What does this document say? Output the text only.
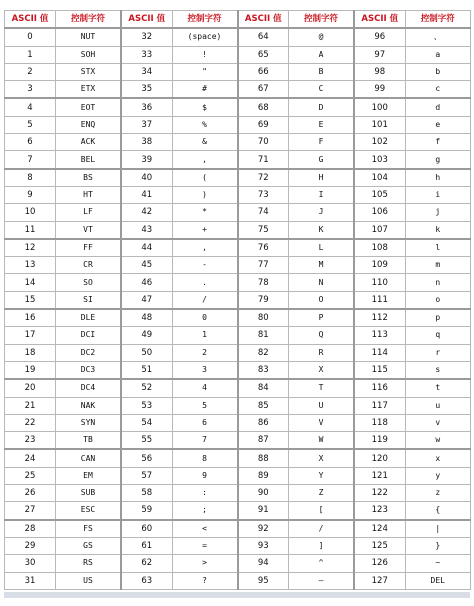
ASCII 值	控制字符	ASCII 值	控制字符	ASCII 值	控制字符	ASCII 值	控制字符
0	NUT	32	(space)	64	@	96	、
1	SOH	33	!	65	A	97	a
2	STX	34	"	66	B	98	b
3	ETX	35	#	67	C	99	c
4	EOT	36	$	68	D	100	d
5	ENQ	37	%	69	E	101	e
6	ACK	38	&	70	F	102	f
7	BEL	39	,	71	G	103	g
8	BS	40	(	72	H	104	h
9	HT	41	)	73	I	105	i
10	LF	42	*	74	J	106	j
11	VT	43	+	75	K	107	k
12	FF	44	,	76	L	108	l
13	CR	45	-	77	M	109	m
14	SO	46	.	78	N	110	n
15	SI	47	/	79	O	111	o
16	DLE	48	0	80	P	112	p
17	DCI	49	1	81	Q	113	q
18	DC2	50	2	82	R	114	r
19	DC3	51	3	83	X	115	s
20	DC4	52	4	84	T	116	t
21	NAK	53	5	85	U	117	u
22	SYN	54	6	86	V	118	v
23	TB	55	7	87	W	119	w
24	CAN	56	8	88	X	120	x
25	EM	57	9	89	Y	121	y
26	SUB	58	:	90	Z	122	z
27	ESC	59	;	91	[	123	{
28	FS	60	<	92	/	124	|
29	GS	61	=	93	]	125	}
30	RS	62	>	94	^	126	~
31	US	63	?	95	—	127	DEL
